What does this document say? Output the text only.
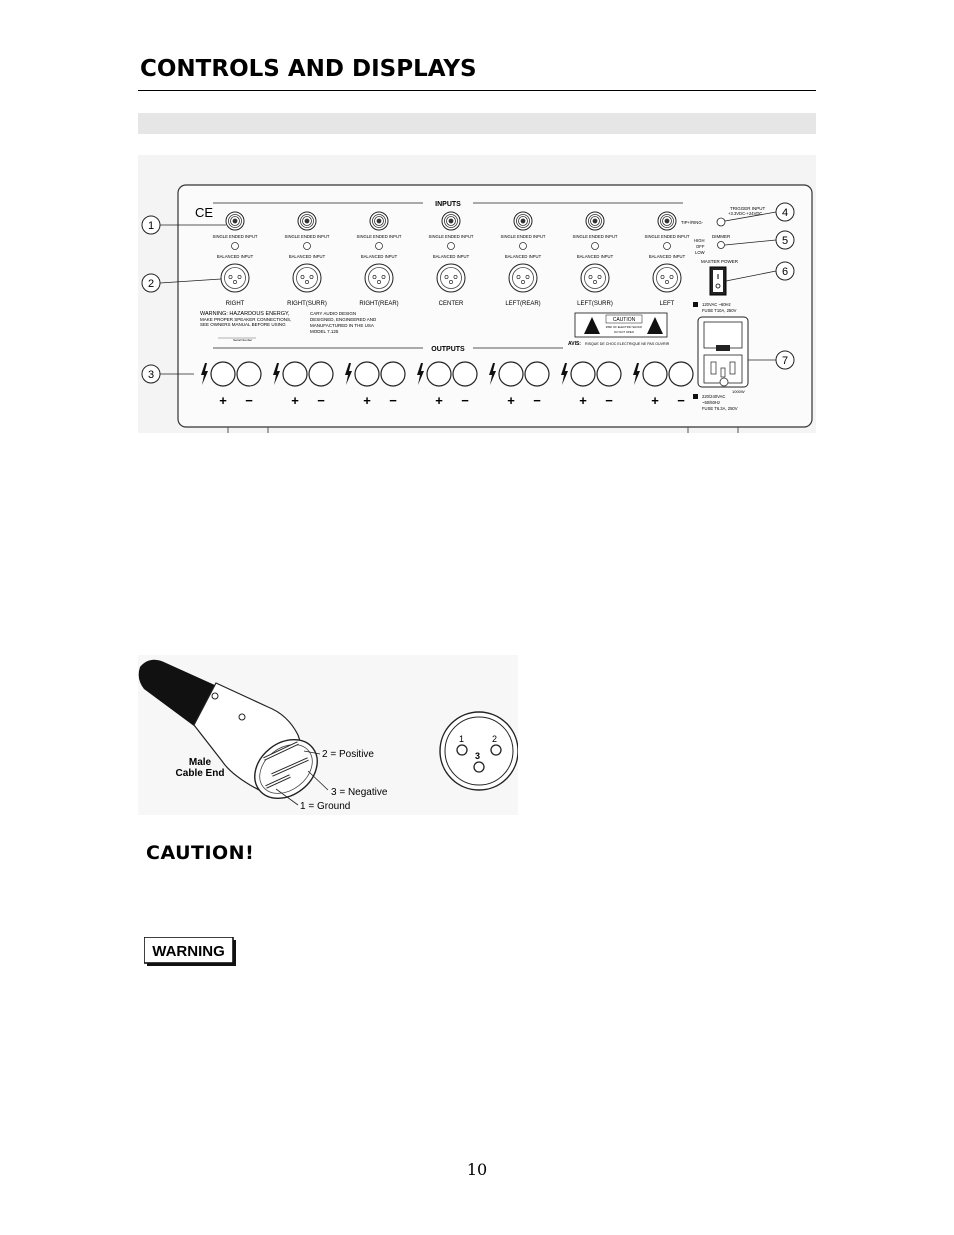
CONTROLS AND DISPLAYS
INPUTS
CE
SINGLE ENDED INPUT
BALANCED INPUT
RIGHT
+ −
SINGLE ENDED INPUT
BALANCED INPUT
RIGHT(SURR)
+ −
SINGLE ENDED INPUT
BALANCED INPUT
RIGHT(REAR)
+ −
SINGLE ENDED INPUT
BALANCED INPUT
CENTER
+ −
SINGLE ENDED INPUT
BALANCED INPUT
LEFT(REAR)
+ −
SINGLE ENDED INPUT
BALANCED INPUT
LEFT(SURR)
+ −
SINGLE ENDED INPUT
BALANCED INPUT
LEFT
+ −
WARNING: HAZARDOUS ENERGY,
MAKE PROPER SPEAKER CONNECTIONS,
SEE OWNERS MANUAL BEFORE USING
Serial Number
CARY AUDIO DESIGN
DESIGNED, ENGINEERED AND
MANUFACTURED IN THE USA
MODEL 7.125
CAUTION
RISK OF ELECTRIC SHOCK
DO NOT OPEN
AVIS: RISQUE DE CHOC ELECTRIQUE NE PAS OUVRIR
OUTPUTS
TRIGGER INPUT
+3.3VDC-+24VDC
TIP+/RING-
DIMMER
HIGH
OFF
LOW
MASTER POWER
120VAC ~60Hz
FUSE T10A, 250V
1000W
220/240VAC
~50/60Hz
FUSE T6.3A, 250V
1
2
3
4
5
6
7
Male
Cable End
2 = Positive
3 = Negative
1 = Ground
1	2
3
CAUTION!
WARNING
10
